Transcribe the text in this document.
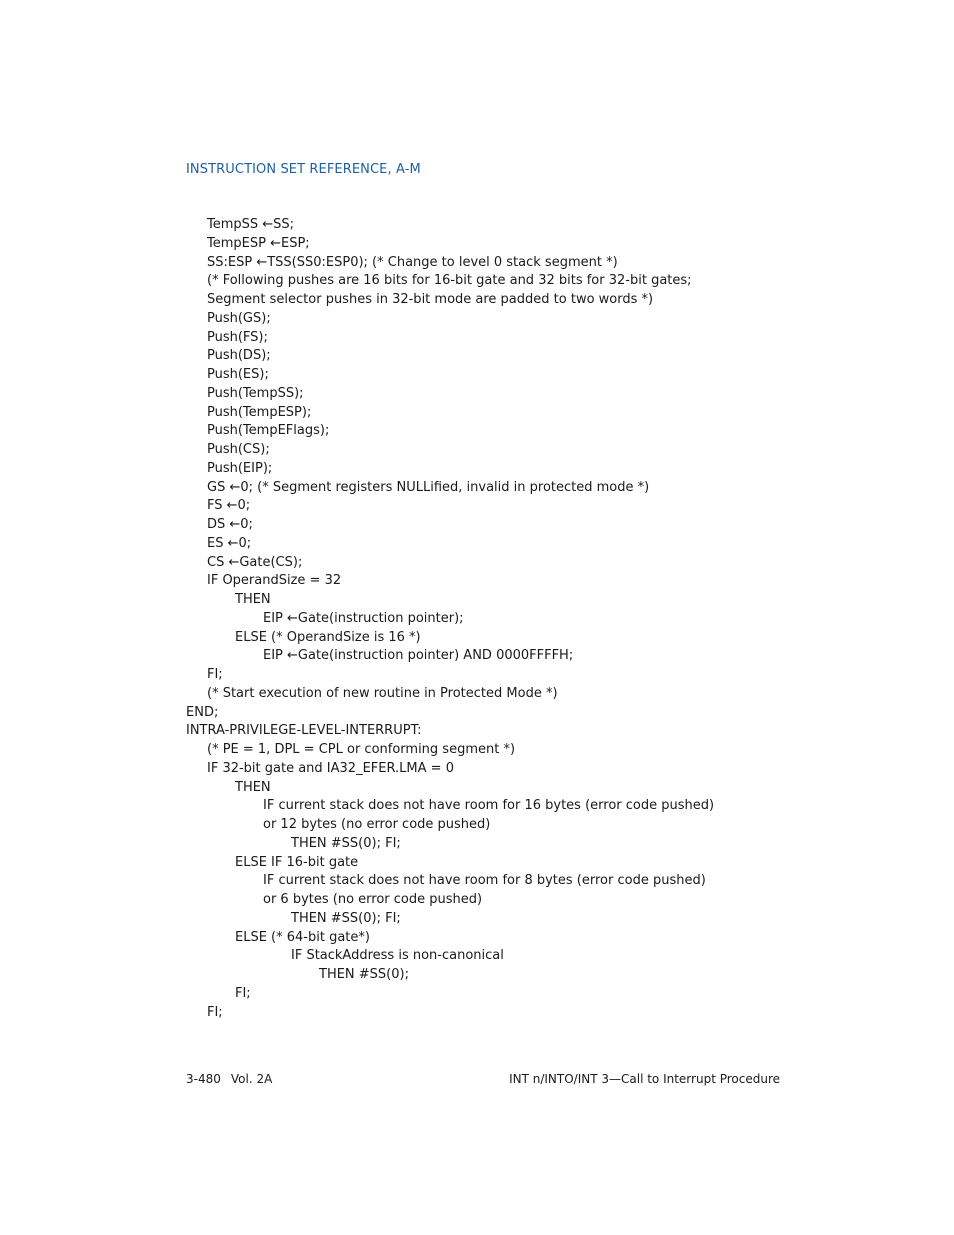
INSTRUCTION SET REFERENCE, A-M
TempSS ←SS;
TempESP ←ESP;
SS:ESP ←TSS(SS0:ESP0); (* Change to level 0 stack segment *)
(* Following pushes are 16 bits for 16-bit gate and 32 bits for 32-bit gates;
Segment selector pushes in 32-bit mode are padded to two words *)
Push(GS);
Push(FS);
Push(DS);
Push(ES);
Push(TempSS);
Push(TempESP);
Push(TempEFlags);
Push(CS);
Push(EIP);
GS ←0; (* Segment registers NULLified, invalid in protected mode *)
FS ←0;
DS ←0;
ES ←0;
CS ←Gate(CS);
IF OperandSize = 32
THEN
EIP ←Gate(instruction pointer);
ELSE (* OperandSize is 16 *)
EIP ←Gate(instruction pointer) AND 0000FFFFH;
FI;
(* Start execution of new routine in Protected Mode *)
END;
INTRA-PRIVILEGE-LEVEL-INTERRUPT:
(* PE = 1, DPL = CPL or conforming segment *)
IF 32-bit gate and IA32_EFER.LMA = 0
THEN
IF current stack does not have room for 16 bytes (error code pushed)
or 12 bytes (no error code pushed)
THEN #SS(0); FI;
ELSE IF 16-bit gate
IF current stack does not have room for 8 bytes (error code pushed)
or 6 bytes (no error code pushed)
THEN #SS(0); FI;
ELSE (* 64-bit gate*)
IF StackAddress is non-canonical
THEN #SS(0);
FI;
FI;
3-480 Vol. 2A	INT n/INTO/INT 3—Call to Interrupt Procedure
